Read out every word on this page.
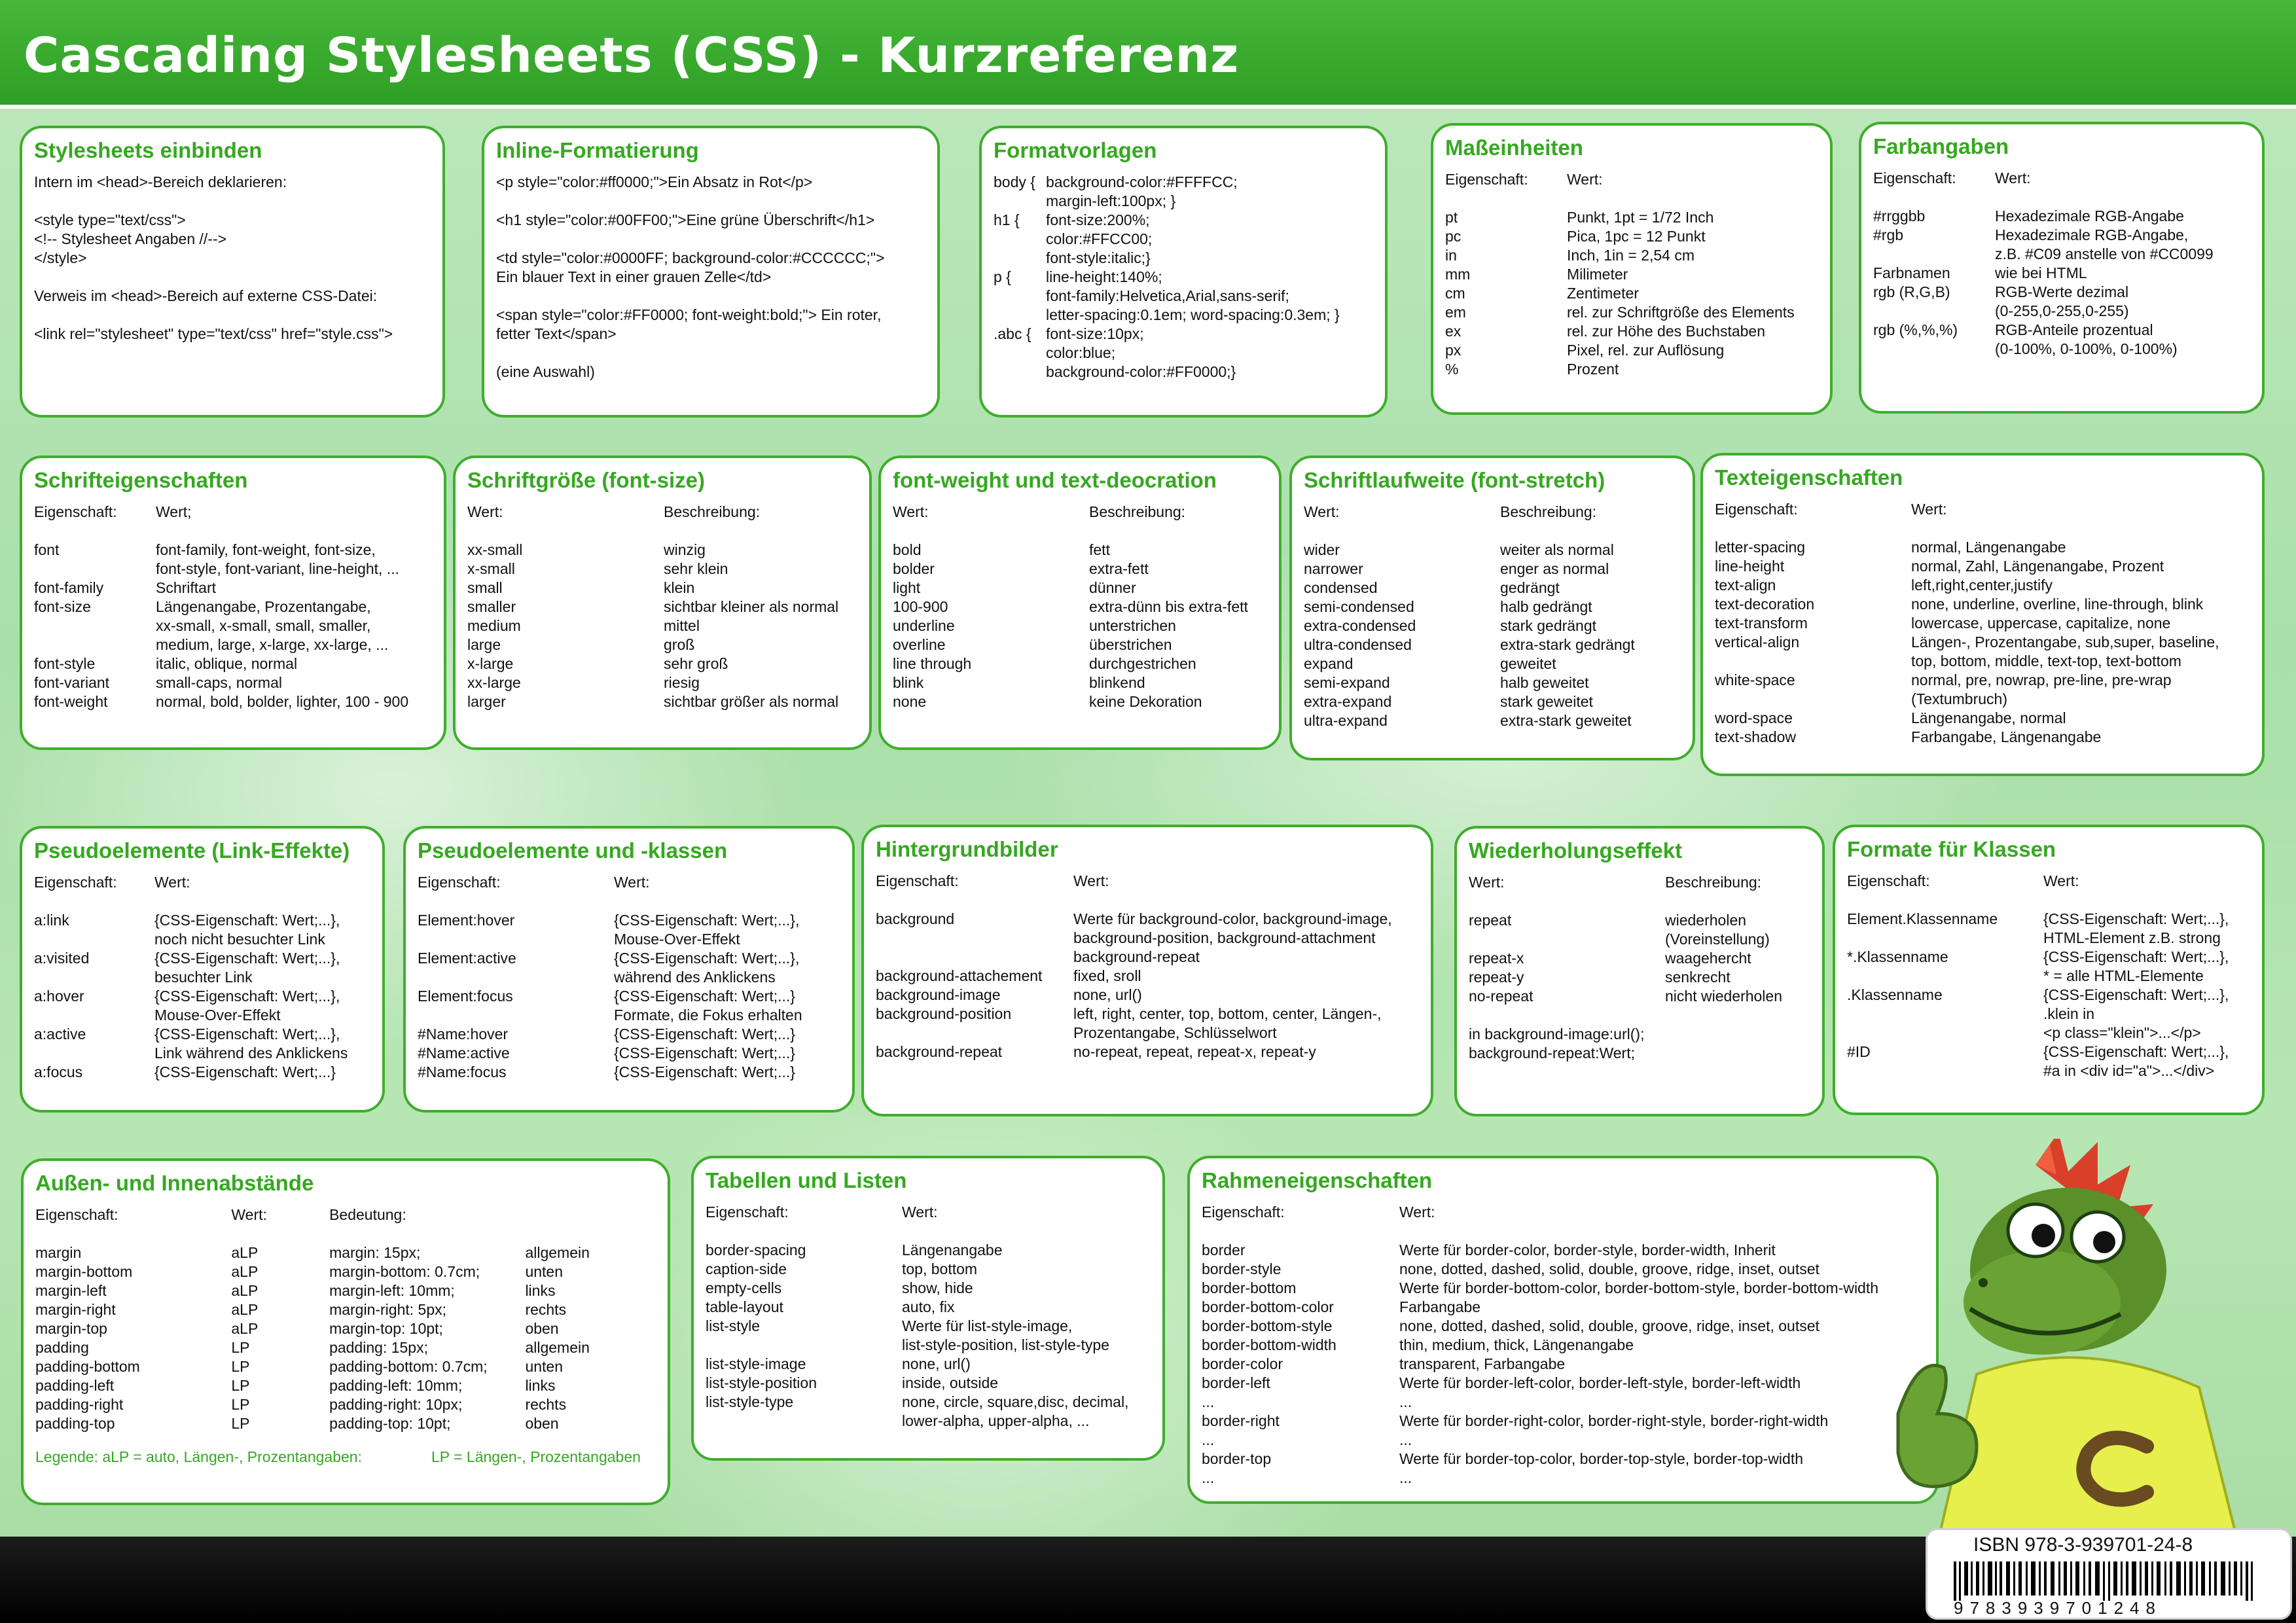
Cascading Stylesheets (CSS) - Kurzreferenz
Stylesheets einbinden
Intern im <head>-Bereich deklarieren:
<style type="text/css">
<!-- Stylesheet Angaben //-->
</style>
Verweis im <head>-Bereich auf externe CSS-Datei:
<link rel="stylesheet" type="text/css" href="style.css">
Inline-Formatierung
<p style="color:#ff0000;">Ein Absatz in Rot</p>
<h1 style="color:#00FF00;">Eine grüne Überschrift</h1>
<td style="color:#0000FF; background-color:#CCCCCC;">
Ein blauer Text in einer grauen Zelle</td>
<span style="color:#FF0000; font-weight:bold;"> Ein roter,
fetter Text</span>
(eine Auswahl)
Formatvorlagen
body { background-color:#FFFFCC;
margin-left:100px; }
h1 {	font-size:200%;
color:#FFCC00;
font-style:italic;}
p {	line-height:140%;
font-family:Helvetica,Arial,sans-serif;
letter-spacing:0.1em; word-spacing:0.3em; }
.abc { font-size:10px;
color:blue;
background-color:#FF0000;}
Maßeinheiten
Eigenschaft:	Wert:
pt	Punkt, 1pt = 1/72 Inch
pc	Pica, 1pc = 12 Punkt
in	Inch, 1in = 2,54 cm
mm	Milimeter
cm	Zentimeter
em	rel. zur Schriftgröße des Elements
ex	rel. zur Höhe des Buchstaben
px	Pixel, rel. zur Auflösung
%	Prozent
Farbangaben
Eigenschaft:	Wert:
#rrggbb	Hexadezimale RGB-Angabe
#rgb	Hexadezimale RGB-Angabe,
z.B. #C09 anstelle von #CC0099
Farbnamen	wie bei HTML
rgb (R,G,B)	RGB-Werte dezimal
(0-255,0-255,0-255)
rgb (%,%,%)	RGB-Anteile prozentual
(0-100%, 0-100%, 0-100%)
Schrifteigenschaften
Eigenschaft:	Wert;
font	font-family, font-weight, font-size,
font-style, font-variant, line-height, ...
font-family	Schriftart
font-size	Längenangabe, Prozentangabe,
xx-small, x-small, small, smaller,
medium, large, x-large, xx-large, ...
font-style	italic, oblique, normal
font-variant	small-caps, normal
font-weight	normal, bold, bolder, lighter, 100 - 900
Schriftgröße (font-size)
Wert:	Beschreibung:
xx-small	winzig
x-small	sehr klein
small	klein
smaller	sichtbar kleiner als normal
medium	mittel
large	groß
x-large	sehr groß
xx-large	riesig
larger	sichtbar größer als normal
font-weight und text-deocration
Wert:	Beschreibung:
bold	fett
bolder	extra-fett
light	dünner
100-900	extra-dünn bis extra-fett
underline	unterstrichen
overline	überstrichen
line through	durchgestrichen
blink	blinkend
none	keine Dekoration
Schriftlaufweite (font-stretch)
Wert:	Beschreibung:
wider	weiter als normal
narrower	enger as normal
condensed	gedrängt
semi-condensed	halb gedrängt
extra-condensed	stark gedrängt
ultra-condensed	extra-stark gedrängt
expand	geweitet
semi-expand	halb geweitet
extra-expand	stark geweitet
ultra-expand	extra-stark geweitet
Texteigenschaften
Eigenschaft:	Wert:
letter-spacing	normal, Längenangabe
line-height	normal, Zahl, Längenangabe, Prozent
text-align	left,right,center,justify
text-decoration	none, underline, overline, line-through, blink
text-transform	lowercase, uppercase, capitalize, none
vertical-align	Längen-, Prozentangabe, sub,super, baseline,
top, bottom, middle, text-top, text-bottom
white-space	normal, pre, nowrap, pre-line, pre-wrap
(Textumbruch)
word-space	Längenangabe, normal
text-shadow	Farbangabe, Längenangabe
Pseudoelemente (Link-Effekte)
Eigenschaft:	Wert:
a:link	{CSS-Eigenschaft: Wert;...},
noch nicht besuchter Link
a:visited	{CSS-Eigenschaft: Wert;...},
besuchter Link
a:hover	{CSS-Eigenschaft: Wert;...},
Mouse-Over-Effekt
a:active	{CSS-Eigenschaft: Wert;...},
Link während des Anklickens
a:focus	{CSS-Eigenschaft: Wert;...}
Pseudoelemente und -klassen
Eigenschaft:	Wert:
Element:hover	{CSS-Eigenschaft: Wert;...},
Mouse-Over-Effekt
Element:active	{CSS-Eigenschaft: Wert;...},
während des Anklickens
Element:focus	{CSS-Eigenschaft: Wert;...}
Formate, die Fokus erhalten
#Name:hover	{CSS-Eigenschaft: Wert;...}
#Name:active	{CSS-Eigenschaft: Wert;...}
#Name:focus	{CSS-Eigenschaft: Wert;...}
Hintergrundbilder
Eigenschaft:	Wert:
background	Werte für background-color, background-image,
background-position, background-attachment
background-repeat
background-attachement	fixed, sroll
background-image	none, url()
background-position	left, right, center, top, bottom, center, Längen-,
Prozentangabe, Schlüsselwort
background-repeat	no-repeat, repeat, repeat-x, repeat-y
Wiederholungseffekt
Wert:	Beschreibung:
repeat	wiederholen
(Voreinstellung)
repeat-x	waagehercht
repeat-y	senkrecht
no-repeat	nicht wiederholen
in background-image:url();
background-repeat:Wert;
Formate für Klassen
Eigenschaft:	Wert:
Element.Klassenname	{CSS-Eigenschaft: Wert;...},
HTML-Element z.B. strong
*.Klassenname	{CSS-Eigenschaft: Wert;...},
* = alle HTML-Elemente
.Klassenname	{CSS-Eigenschaft: Wert;...},
.klein in
<p class="klein">...</p>
#ID	{CSS-Eigenschaft: Wert;...},
#a in <div id="a">...</div>
Außen- und Innenabstände
Eigenschaft:	Wert:	Bedeutung:
margin	aLP	margin: 15px;	allgemein
margin-bottom	aLP	margin-bottom: 0.7cm;	unten
margin-left	aLP	margin-left: 10mm;	links
margin-right	aLP	margin-right: 5px;	rechts
margin-top	aLP	margin-top: 10pt;	oben
padding	LP	padding: 15px;	allgemein
padding-bottom	LP	padding-bottom: 0.7cm;	unten
padding-left	LP	padding-left: 10mm;	links
padding-right	LP	padding-right: 10px;	rechts
padding-top	LP	padding-top: 10pt;	oben
Legende: aLP = auto, Längen-, Prozentangaben:	LP = Längen-, Prozentangaben
Tabellen und Listen
Eigenschaft:	Wert:
border-spacing	Längenangabe
caption-side	top, bottom
empty-cells	show, hide
table-layout	auto, fix
list-style	Werte für list-style-image,
list-style-position, list-style-type
list-style-image	none, url()
list-style-position	inside, outside
list-style-type	none, circle, square,disc, decimal,
lower-alpha, upper-alpha, ...
Rahmeneigenschaften
Eigenschaft:	Wert:
border	Werte für border-color, border-style, border-width, Inherit
border-style	none, dotted, dashed, solid, double, groove, ridge, inset, outset
border-bottom	Werte für border-bottom-color, border-bottom-style, border-bottom-width
border-bottom-color	Farbangabe
border-bottom-style	none, dotted, dashed, solid, double, groove, ridge, inset, outset
border-bottom-width	thin, medium, thick, Längenangabe
border-color	transparent, Farbangabe
border-left	Werte für border-left-color, border-left-style, border-left-width
...	...
border-right	Werte für border-right-color, border-right-style, border-right-width
...	...
border-top	Werte für border-top-color, border-top-style, border-top-width
...	...
ISBN 978-3-939701-24-8
9783939701248
